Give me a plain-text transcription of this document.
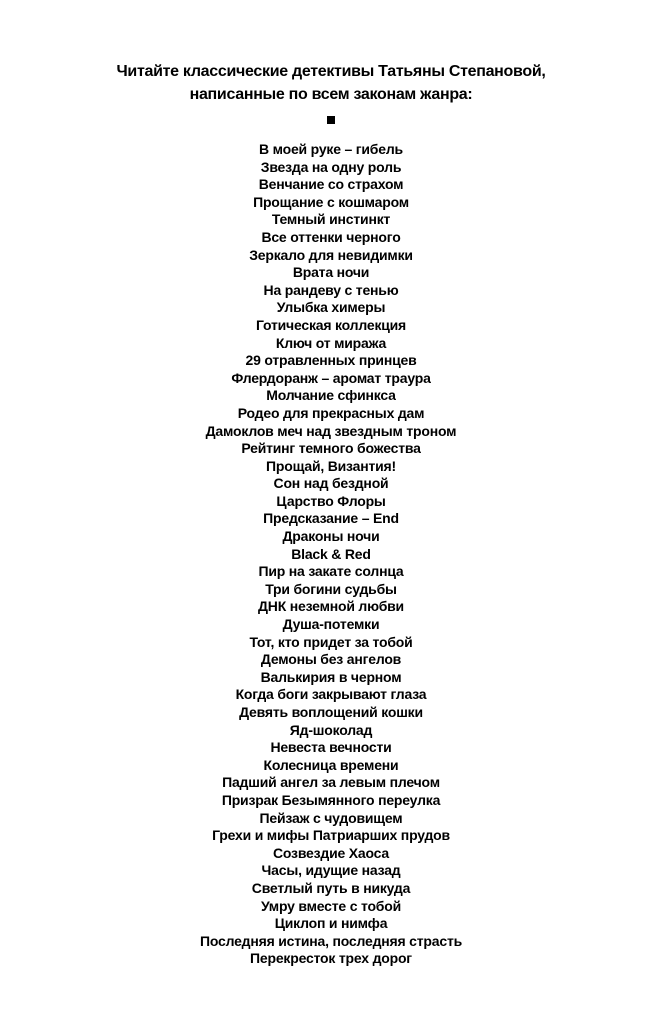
Читайте классические детективы Татьяны Степановой,
написанные по всем законам жанра:
В моей руке – гибель
Звезда на одну роль
Венчание со страхом
Прощание с кошмаром
Темный инстинкт
Все оттенки черного
Зеркало для невидимки
Врата ночи
На рандеву с тенью
Улыбка химеры
Готическая коллекция
Ключ от миража
29 отравленных принцев
Флердоранж – аромат траура
Молчание сфинкса
Родео для прекрасных дам
Дамоклов меч над звездным троном
Рейтинг темного божества
Прощай, Византия!
Сон над бездной
Царство Флоры
Предсказание – End
Драконы ночи
Black & Red
Пир на закате солнца
Три богини судьбы
ДНК неземной любви
Душа-потемки
Тот, кто придет за тобой
Демоны без ангелов
Валькирия в черном
Когда боги закрывают глаза
Девять воплощений кошки
Яд-шоколад
Невеста вечности
Колесница времени
Падший ангел за левым плечом
Призрак Безымянного переулка
Пейзаж с чудовищем
Грехи и мифы Патриарших прудов
Созвездие Хаоса
Часы, идущие назад
Светлый путь в никуда
Умру вместе с тобой
Циклоп и нимфа
Последняя истина, последняя страсть
Перекресток трех дорог
